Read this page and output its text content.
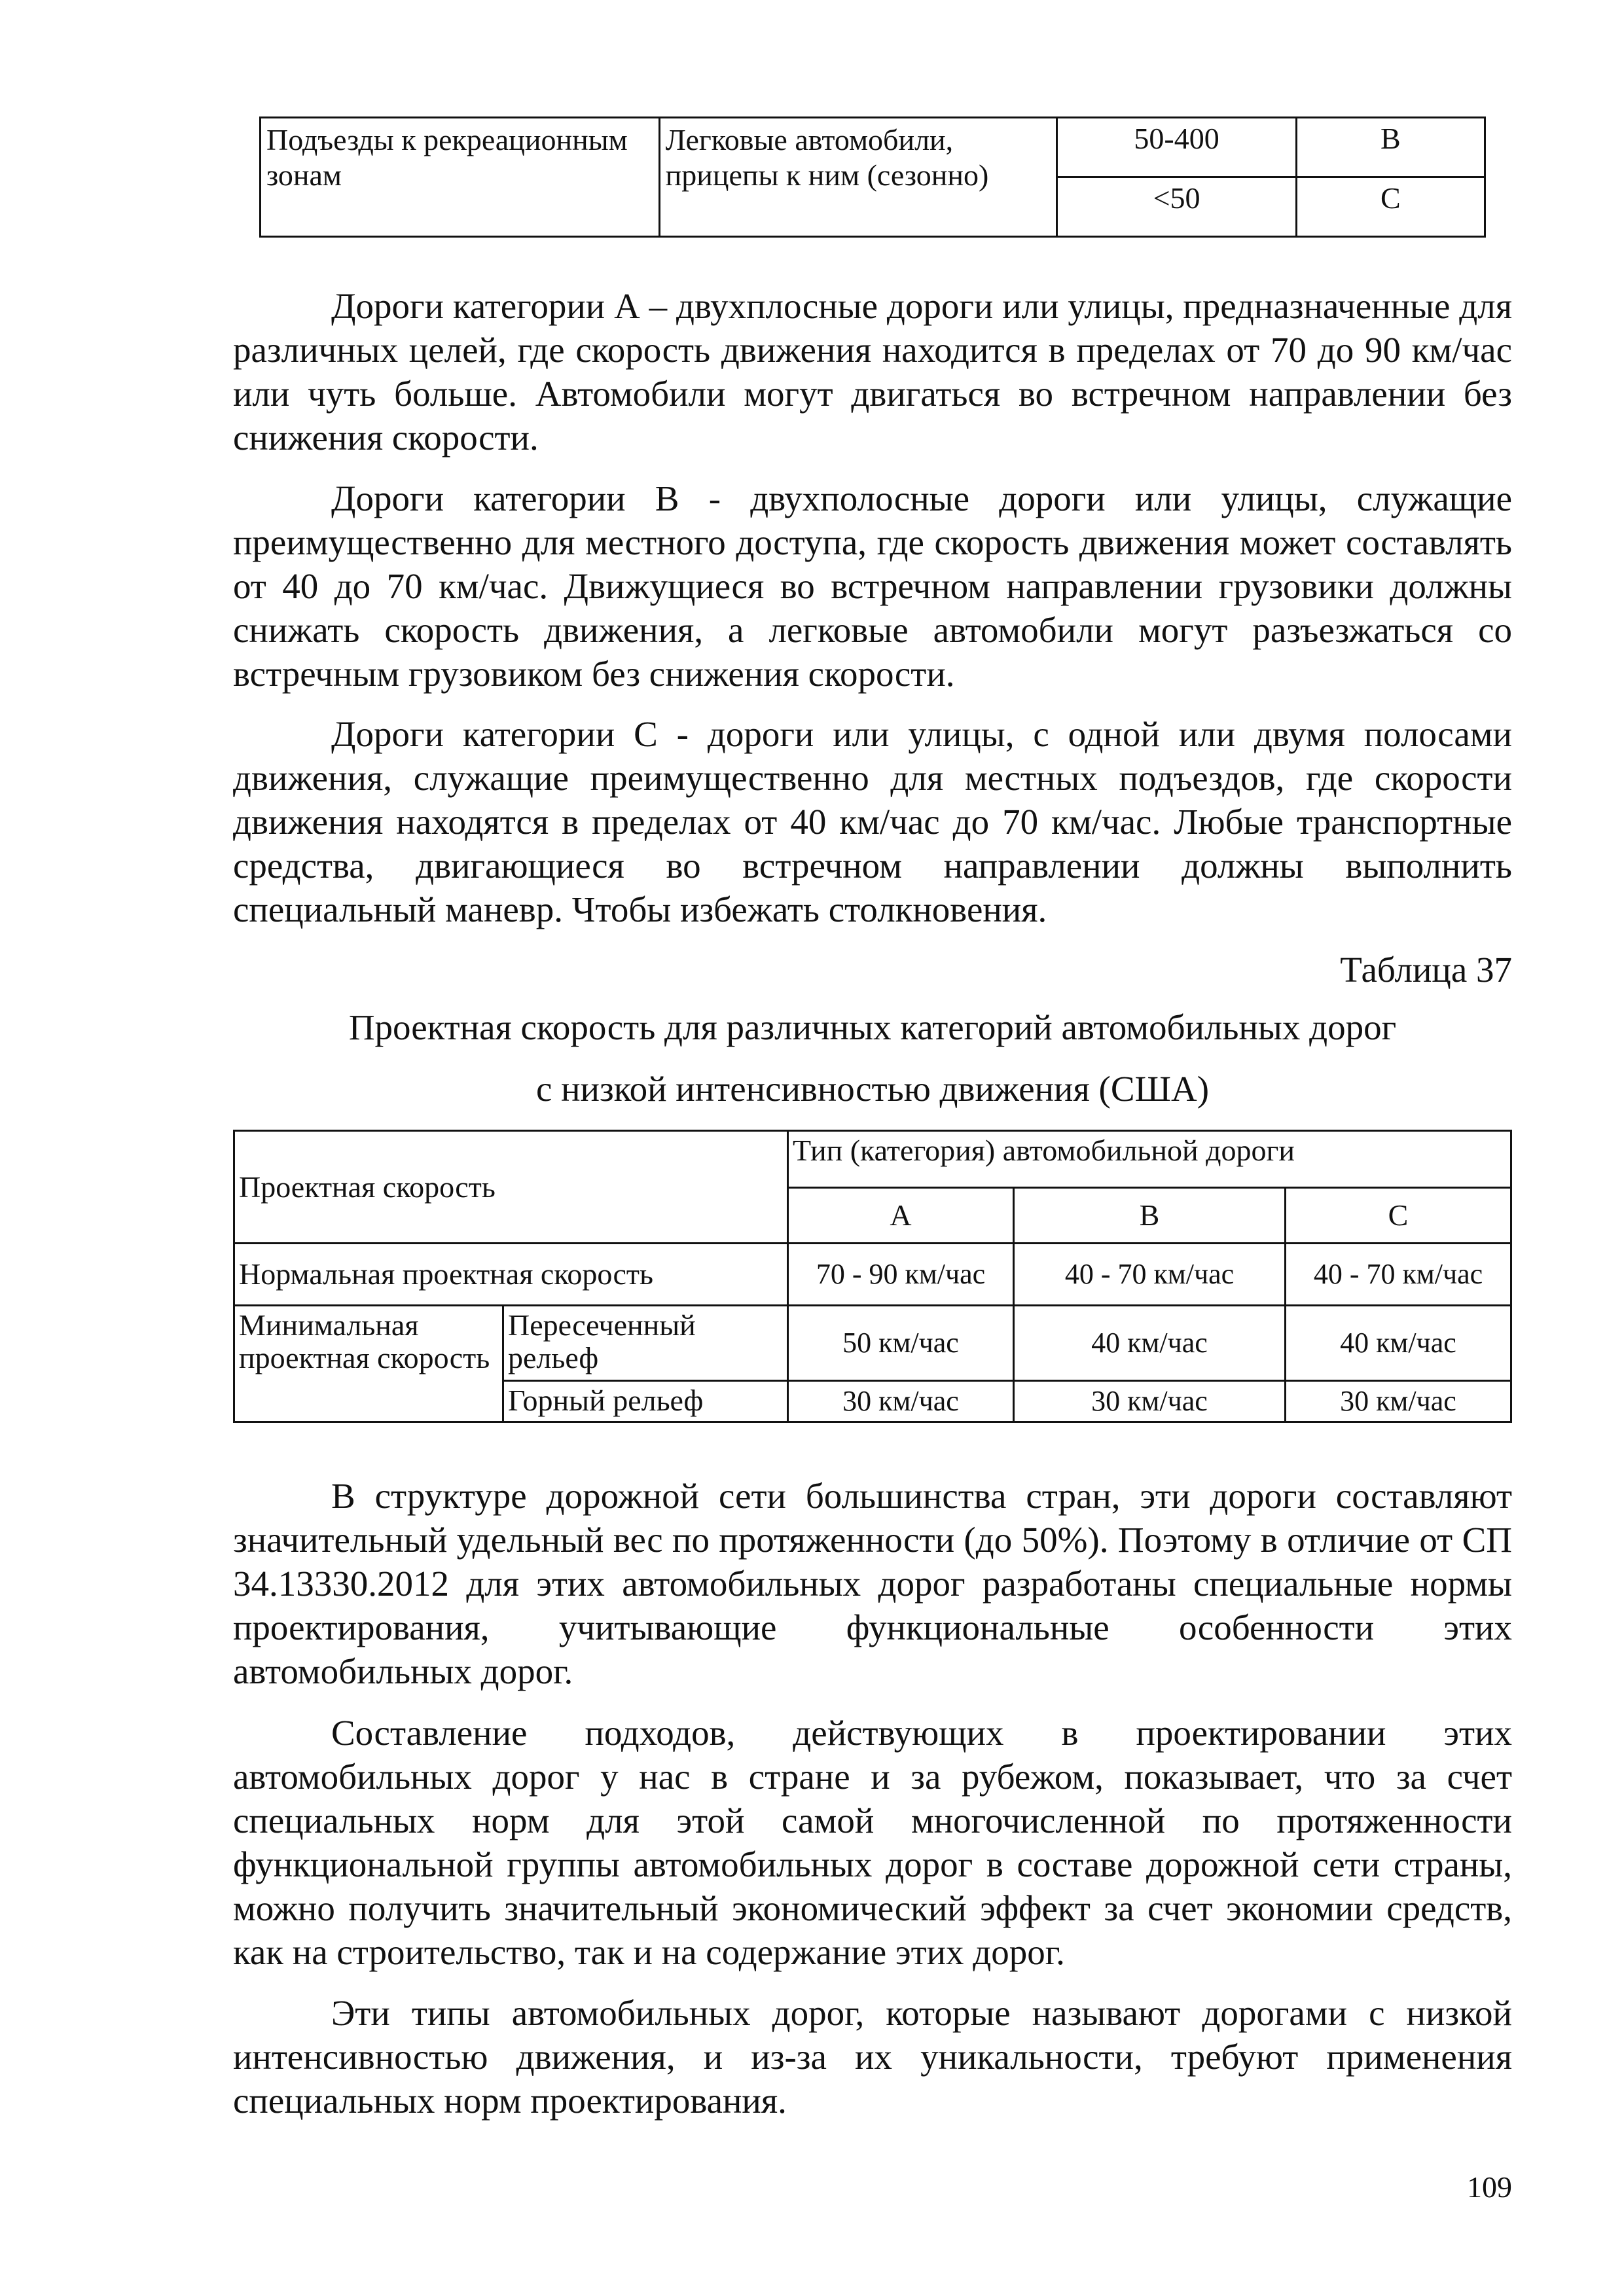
Подъезды к рекреационным зонам	Легковые автомобили, прицепы к ним (сезонно)	50-400	В
		<50	С

Дороги категории А – двухплосные дороги или улицы, предназначенные для различных целей, где скорость движения находится в пределах от 70 до 90 км/час или чуть больше. Автомобили могут двигаться во встречном направлении без снижения скорости.

Дороги категории В - двухполосные дороги или улицы, служащие преимущественно для местного доступа, где скорость движения может составлять от 40 до 70 км/час. Движущиеся во встречном направлении грузовики должны снижать скорость движения, а легковые автомобили могут разъезжаться со встречным грузовиком без снижения скорости.

Дороги категории С - дороги или улицы, с одной или двумя полосами движения, служащие преимущественно для местных подъездов, где скорости движения находятся в пределах от 40 км/час до 70 км/час. Любые транспортные средства, двигающиеся во встречном направлении должны выполнить специальный маневр. Чтобы избежать столкновения.

Таблица 37
Проектная скорость для различных категорий автомобильных дорог
с низкой интенсивностью движения (США)
Проектная скорость		Тип (категория) автомобильной дороги		
		А	В	С
Нормальная проектная скорость		70 - 90 км/час	40 - 70 км/час	40 - 70 км/час
Минимальная проектная скорость	Пересеченный рельеф	50 км/час	40 км/час	40 км/час
	Горный рельеф	30 км/час	30 км/час	30 км/час

В структуре дорожной сети большинства стран, эти дороги составляют значительный удельный вес по протяженности (до 50%). Поэтому в отличие от СП 34.13330.2012 для этих автомобильных дорог разработаны специальные нормы проектирования, учитывающие функциональные особенности этих автомобильных дорог.

Составление подходов, действующих в проектировании этих автомобильных дорог у нас в стране и за рубежом, показывает, что за счет специальных норм для этой самой многочисленной по протяженности функциональной группы автомобильных дорог в составе дорожной сети страны, можно получить значительный экономический эффект за счет экономии средств, как на строительство, так и на содержание этих дорог.

Эти типы автомобильных дорог, которые называют дорогами с низкой интенсивностью движения, и из-за их уникальности, требуют применения специальных норм проектирования.

109
